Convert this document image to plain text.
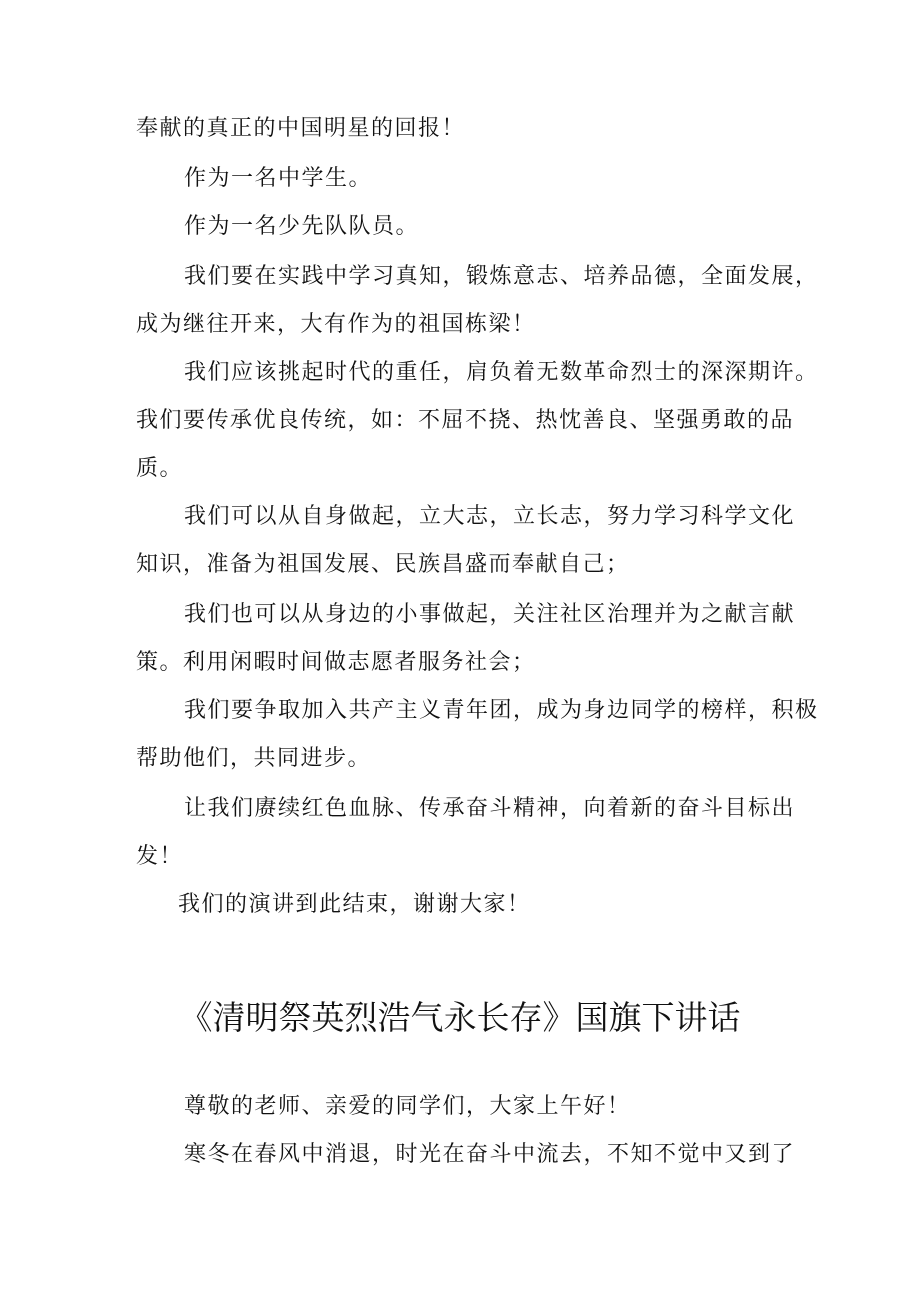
奉献的真正的中国明星的回报！
作为一名中学生。
作为一名少先队队员。
我们要在实践中学习真知，锻炼意志、培养品德，全面发展，
成为继往开来，大有作为的祖国栋梁！
我们应该挑起时代的重任，肩负着无数革命烈士的深深期许。
我们要传承优良传统，如：不屈不挠、热忱善良、坚强勇敢的品
质。
我们可以从自身做起，立大志，立长志，努力学习科学文化
知识，准备为祖国发展、民族昌盛而奉献自己；
我们也可以从身边的小事做起，关注社区治理并为之献言献
策。利用闲暇时间做志愿者服务社会；
我们要争取加入共产主义青年团，成为身边同学的榜样，积极
帮助他们，共同进步。
让我们赓续红色血脉、传承奋斗精神，向着新的奋斗目标出
发！
我们的演讲到此结束，谢谢大家！
《清明祭英烈浩气永长存》国旗下讲话
尊敬的老师、亲爱的同学们，大家上午好！
寒冬在春风中消退，时光在奋斗中流去，不知不觉中又到了
